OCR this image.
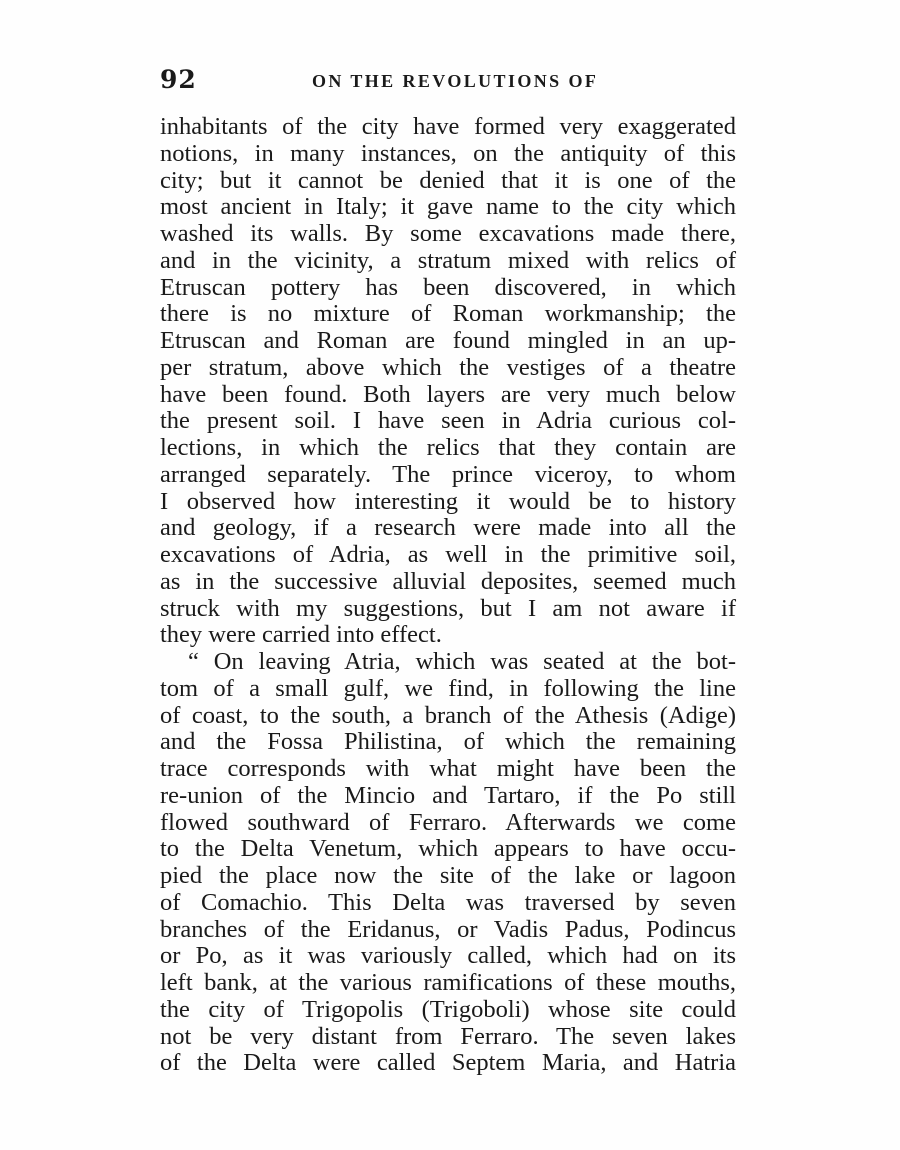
92	ON THE REVOLUTIONS OF
inhabitants of the city have formed very exaggerated
notions, in many instances, on the antiquity of this
city; but it cannot be denied that it is one of the
most ancient in Italy; it gave name to the city which
washed its walls. By some excavations made there,
and in the vicinity, a stratum mixed with relics of
Etruscan pottery has been discovered, in which
there is no mixture of Roman workmanship; the
Etruscan and Roman are found mingled in an up-
per stratum, above which the vestiges of a theatre
have been found. Both layers are very much below
the present soil. I have seen in Adria curious col-
lections, in which the relics that they contain are
arranged separately. The prince viceroy, to whom
I observed how interesting it would be to history
and geology, if a research were made into all the
excavations of Adria, as well in the primitive soil,
as in the successive alluvial deposites, seemed much
struck with my suggestions, but I am not aware if
they were carried into effect.
“ On leaving Atria, which was seated at the bot-
tom of a small gulf, we find, in following the line
of coast, to the south, a branch of the Athesis (Adige)
and the Fossa Philistina, of which the remaining
trace corresponds with what might have been the
re-union of the Mincio and Tartaro, if the Po still
flowed southward of Ferraro. Afterwards we come
to the Delta Venetum, which appears to have occu-
pied the place now the site of the lake or lagoon
of Comachio. This Delta was traversed by seven
branches of the Eridanus, or Vadis Padus, Podincus
or Po, as it was variously called, which had on its
left bank, at the various ramifications of these mouths,
the city of Trigopolis (Trigoboli) whose site could
not be very distant from Ferraro. The seven lakes
of the Delta were called Septem Maria, and Hatria
